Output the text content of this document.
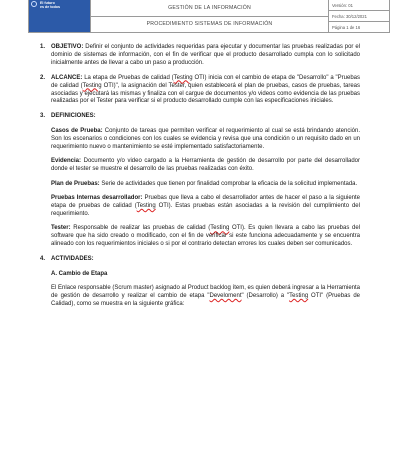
El futuro
es de todos	GESTIÓN DE LA INFORMACIÓN
PROCEDIMIENTO SISTEMAS DE INFORMACIÓN
Versión: 01
Fecha: 30/12/2021
Página 1 de 16
1. OBJETIVO: Definir el conjunto de actividades requeridas para ejecutar y documentar las pruebas realizadas por el dominio de sistemas de información, con el fin de verificar que el producto desarrollado cumpla con lo solicitado inicialmente antes de llevar a cabo un paso a producción.

2. ALCANCE: La etapa de Pruebas de calidad (Testing OTI) inicia con el cambio de etapa de "Desarrollo" a "Pruebas de calidad (Testing OTI)", la asignación del Tester, quien establecerá el plan de pruebas, casos de pruebas, tareas asociadas y ejecutará las mismas y finaliza con el cargue de documentos y/o videos como evidencia de las pruebas realizadas por el Tester para verificar si el producto desarrollado cumple con las especificaciones iniciales.

3. DEFINICIONES:

Casos de Prueba: Conjunto de tareas que permiten verificar el requerimiento al cual se está brindando atención. Son los escenarios o condiciones con los cuales se evidencia y revisa que una condición o un requisito dado en un requerimiento nuevo o mantenimiento se esté implementado satisfactoriamente.

Evidencia: Documento y/o video cargado a la Herramienta de gestión de desarrollo por parte del desarrollador donde el tester se muestre el desarrollo de las pruebas realizadas con éxito.

Plan de Pruebas: Serie de actividades que tienen por finalidad comprobar la eficacia de la solicitud implementada.

Pruebas Internas desarrollador: Pruebas que lleva a cabo el desarrollador antes de hacer el paso a la siguiente etapa de pruebas de calidad (Testing OTI). Estas pruebas están asociadas a la revisión del cumplimiento del requerimiento.

Tester: Responsable de realizar las pruebas de calidad (Testing OTI). Es quien llevara a cabo las pruebas del software que ha sido creado o modificado, con el fin de verificar si este funciona adecuadamente y se encuentra alineado con los requerimientos iniciales o si por el contrario detectan errores los cuales deben ser comunicados.

4. ACTIVIDADES:

A. Cambio de Etapa

El Enlace responsable (Scrum master) asignado al Product backlog ítem, es quien deberá ingresar a la Herramienta de gestión de desarrollo y realizar el cambio de etapa "Develoment" (Desarrollo) a "Testing OTI" (Pruebas de Calidad), como se muestra en la siguiente gráfica:
